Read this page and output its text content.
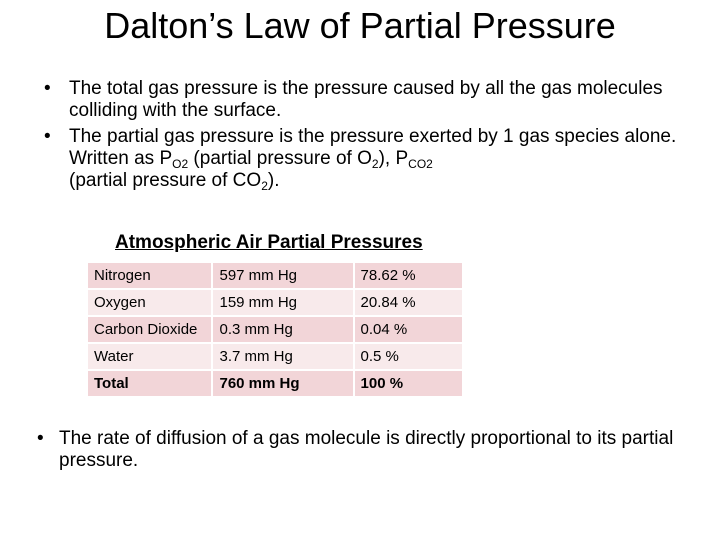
Dalton’s Law of Partial Pressure
• The total gas pressure is the pressure caused by all the gas molecules colliding with the surface.
• The partial gas pressure is the pressure exerted by 1 gas species alone. Written as $P_{O2}$ (partial pressure of $O_2$), $P_{CO2}$
(partial pressure of $CO_2$).
Atmospheric Air Partial Pressures
Nitrogen	597 mm Hg	78.62 %
Oxygen	159 mm Hg	20.84 %
Carbon Dioxide	0.3 mm Hg	0.04 %
Water	3.7 mm Hg	0.5 %
Total	760 mm Hg	100 %
• The rate of diffusion of a gas molecule is directly proportional to its partial pressure.
